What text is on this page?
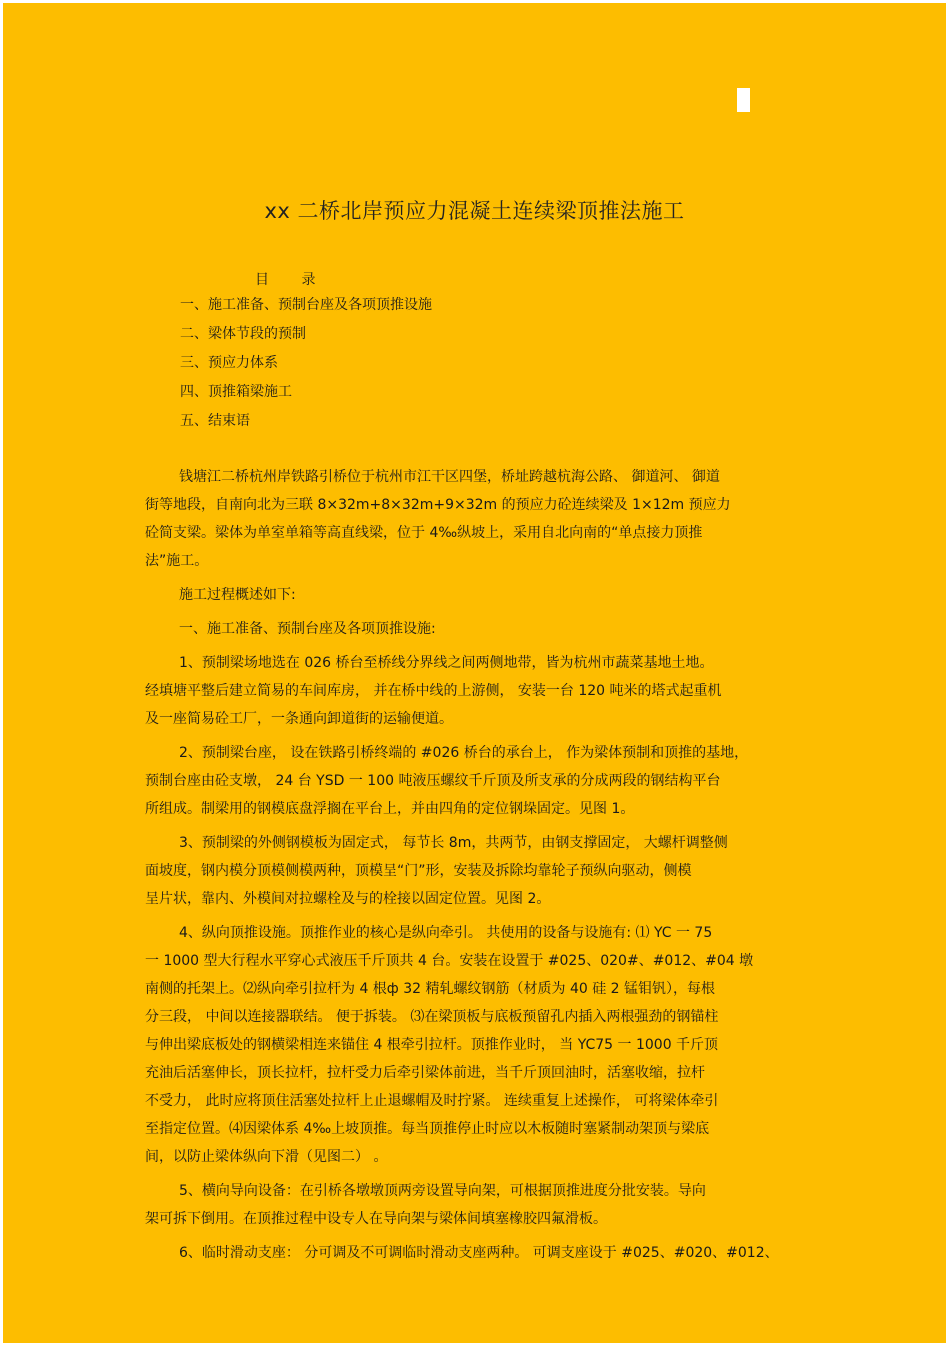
xx 二桥北岸预应力混凝土连续梁顶推法施工
目 录
一、施工准备、预制台座及各项顶推设施
二、梁体节段的预制
三、预应力体系
四、顶推箱梁施工
五、结束语

钱塘江二桥杭州岸铁路引桥位于杭州市江干区四堡，桥址跨越杭海公路、 御道河、 御道
街等地段，自南向北为三联 8×32m+8×32m+9×32m 的预应力砼连续梁及 1×12m 预应力
砼简支梁。梁体为单室单箱等高直线梁，位于 4‰纵坡上，采用自北向南的“单点接力顶推
法”施工。

施工过程概述如下:

一、施工准备、预制台座及各项顶推设施:

1、预制梁场地选在 026 桥台至桥线分界线之间两侧地带，皆为杭州市蔬菜基地土地。
经填塘平整后建立简易的车间库房， 并在桥中线的上游侧， 安装一台 120 吨米的塔式起重机
及一座简易砼工厂，一条通向卸道街的运输便道。

2、预制梁台座， 设在铁路引桥终端的 #026 桥台的承台上， 作为梁体预制和顶推的基地，
预制台座由砼支墩， 24 台 YSD 一 100 吨液压螺纹千斤顶及所支承的分成两段的钢结构平台
所组成。制梁用的钢模底盘浮搁在平台上，并由四角的定位钢垛固定。见图 1。

3、预制梁的外侧钢模板为固定式， 每节长 8m，共两节，由钢支撑固定， 大螺杆调整侧
面坡度，钢内模分顶模侧模两种，顶模呈“门”形，安装及拆除均靠轮子预纵向驱动，侧模
呈片状，靠内、外模间对拉螺栓及与的栓接以固定位置。见图 2。

4、纵向顶推设施。顶推作业的核心是纵向牵引。 共使用的设备与设施有: ⑴ YC 一 75
一 1000 型大行程水平穿心式液压千斤顶共 4 台。安装在设置于 #025、020#、#012、#04 墩
南侧的托架上。⑵纵向牵引拉杆为 4 根ф 32 精轧螺纹钢筋（材质为 40 硅 2 锰钼钒），每根
分三段， 中间以连接器联结。 便于拆装。 ⑶在梁顶板与底板预留孔内插入两根强劲的钢锚柱
与伸出梁底板处的钢横梁相连来锚住 4 根牵引拉杆。顶推作业时， 当 YC75 一 1000 千斤顶
充油后活塞伸长，顶长拉杆，拉杆受力后牵引梁体前进，当千斤顶回油时，活塞收缩，拉杆
不受力， 此时应将顶住活塞处拉杆上止退螺帽及时拧紧。 连续重复上述操作， 可将梁体牵引
至指定位置。⑷因梁体系 4‰上坡顶推。每当顶推停止时应以木板随时塞紧制动架顶与梁底
间，以防止梁体纵向下滑（见图二） 。

5、横向导向设备：在引桥各墩墩顶两旁设置导向架，可根据顶推进度分批安装。导向
架可拆下倒用。在顶推过程中设专人在导向架与梁体间填塞橡胶四氟滑板。

6、临时滑动支座： 分可调及不可调临时滑动支座两种。 可调支座设于 #025、#020、#012、
